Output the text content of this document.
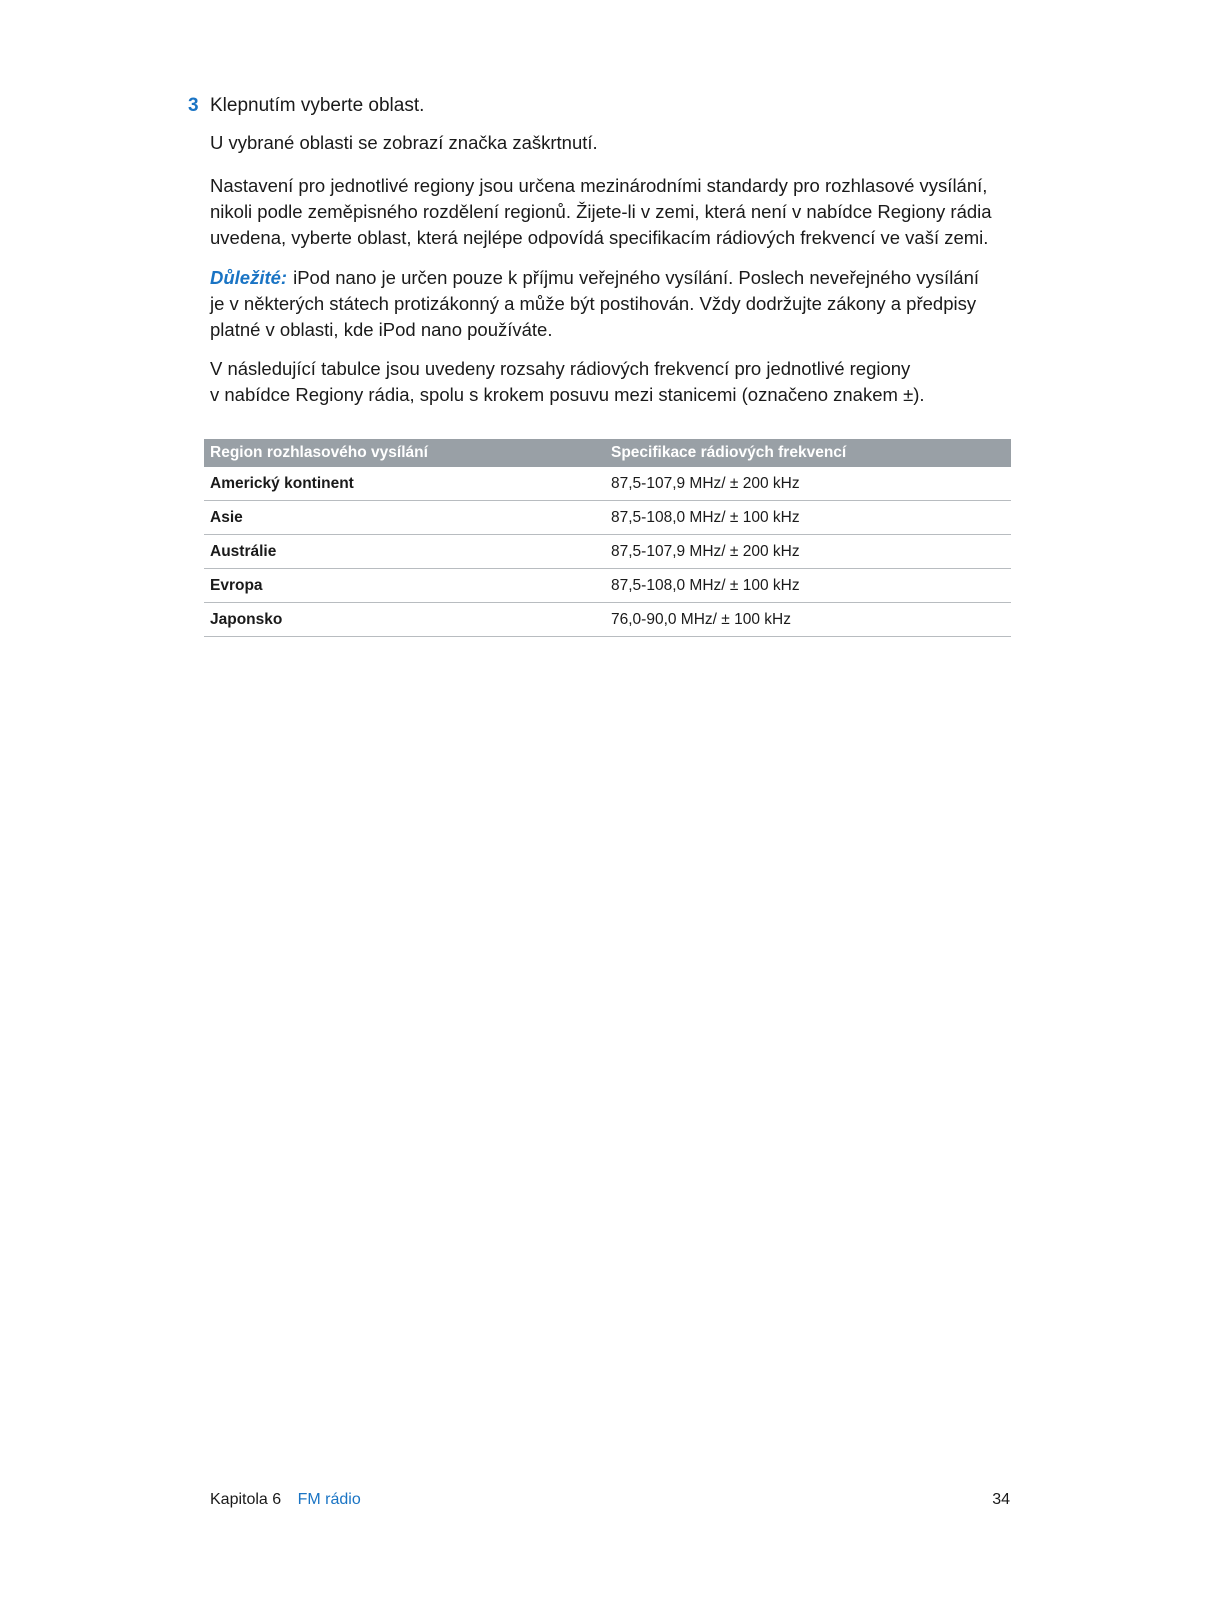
3 Klepnutím vyberte oblast.

U vybrané oblasti se zobrazí značka zaškrtnutí.

Nastavení pro jednotlivé regiony jsou určena mezinárodními standardy pro rozhlasové vysílání,
nikoli podle zeměpisného rozdělení regionů. Žijete-li v zemi, která není v nabídce Regiony rádia
uvedena, vyberte oblast, která nejlépe odpovídá specifikacím rádiových frekvencí ve vaší zemi.

Důležité: iPod nano je určen pouze k příjmu veřejného vysílání. Poslech neveřejného vysílání
je v některých státech protizákonný a může být postihován. Vždy dodržujte zákony a předpisy
platné v oblasti, kde iPod nano používáte.

V následující tabulce jsou uvedeny rozsahy rádiových frekvencí pro jednotlivé regiony
v nabídce Regiony rádia, spolu s krokem posuvu mezi stanicemi (označeno znakem ±).

Region rozhlasového vysílání	Specifikace rádiových frekvencí
Americký kontinent	87,5-107,9 MHz/ ± 200 kHz
Asie	87,5-108,0 MHz/ ± 100 kHz
Austrálie	87,5-107,9 MHz/ ± 200 kHz
Evropa	87,5-108,0 MHz/ ± 100 kHz
Japonsko	76,0-90,0 MHz/ ± 100 kHz
Kapitola 6 FM rádio	34
